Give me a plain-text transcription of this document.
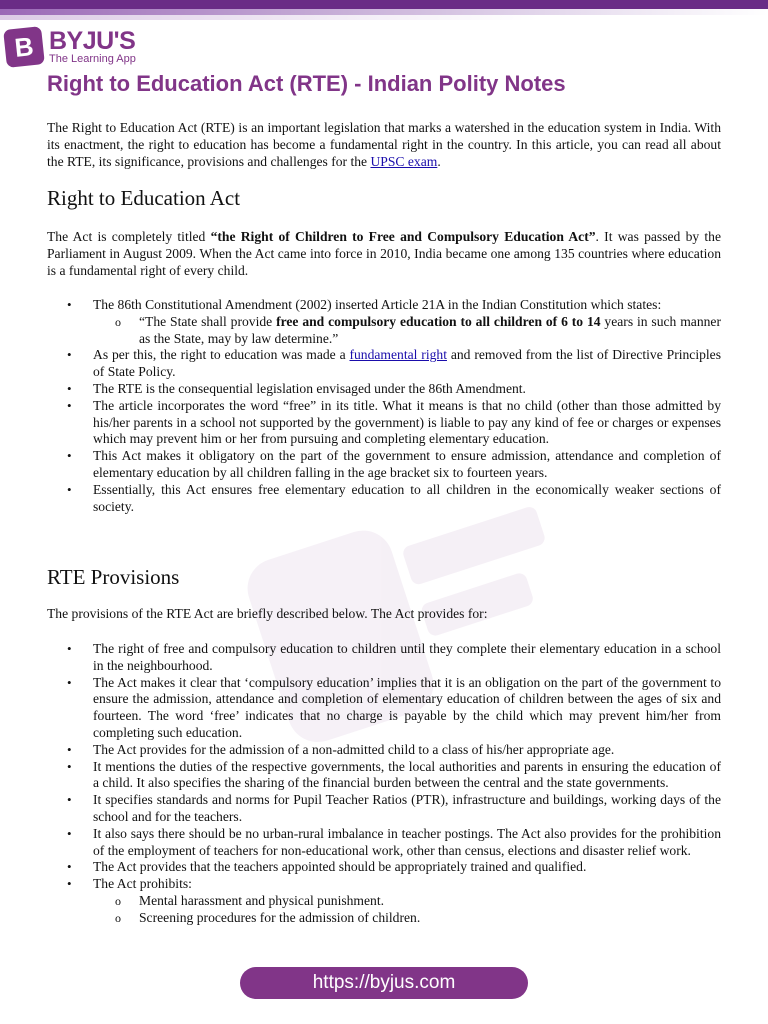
B BYJU'S
The Learning App
Right to Education Act (RTE) - Indian Polity Notes
The Right to Education Act (RTE) is an important legislation that marks a watershed in the education system in India. With its enactment, the right to education has become a fundamental right in the country. In this article, you can read all about the RTE, its significance, provisions and challenges for the UPSC exam.
Right to Education Act
The Act is completely titled “the Right of Children to Free and Compulsory Education Act”. It was passed by the Parliament in August 2009. When the Act came into force in 2010, India became one among 135 countries where education is a fundamental right of every child.
• The 86th Constitutional Amendment (2002) inserted Article 21A in the Indian Constitution which states:
o “The State shall provide free and compulsory education to all children of 6 to 14 years in such manner as the State, may by law determine.”
• As per this, the right to education was made a fundamental right and removed from the list of Directive Principles of State Policy.
• The RTE is the consequential legislation envisaged under the 86th Amendment.
• The article incorporates the word “free” in its title. What it means is that no child (other than those admitted by his/her parents in a school not supported by the government) is liable to pay any kind of fee or charges or expenses which may prevent him or her from pursuing and completing elementary education.
• This Act makes it obligatory on the part of the government to ensure admission, attendance and completion of elementary education by all children falling in the age bracket six to fourteen years.
• Essentially, this Act ensures free elementary education to all children in the economically weaker sections of society.
RTE Provisions
The provisions of the RTE Act are briefly described below. The Act provides for:
• The right of free and compulsory education to children until they complete their elementary education in a school in the neighbourhood.
• The Act makes it clear that ‘compulsory education’ implies that it is an obligation on the part of the government to ensure the admission, attendance and completion of elementary education of children between the ages of six and fourteen. The word ‘free’ indicates that no charge is payable by the child which may prevent him/her from completing such education.
• The Act provides for the admission of a non-admitted child to a class of his/her appropriate age.
• It mentions the duties of the respective governments, the local authorities and parents in ensuring the education of a child. It also specifies the sharing of the financial burden between the central and the state governments.
• It specifies standards and norms for Pupil Teacher Ratios (PTR), infrastructure and buildings, working days of the school and for the teachers.
• It also says there should be no urban-rural imbalance in teacher postings. The Act also provides for the prohibition of the employment of teachers for non-educational work, other than census, elections and disaster relief work.
• The Act provides that the teachers appointed should be appropriately trained and qualified.
• The Act prohibits:
o Mental harassment and physical punishment.
o Screening procedures for the admission of children.
https://byjus.com
